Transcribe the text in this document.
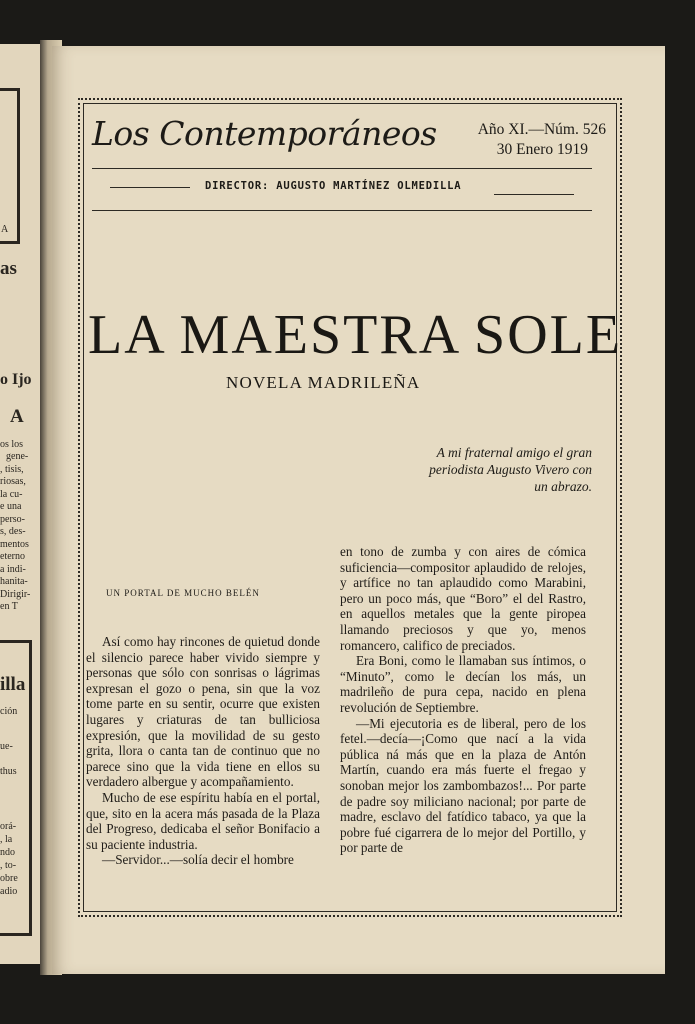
A
as
o Ijo
A
os los
gene-
, tisis,
riosas,
la cu-
e una
perso-
s, des-
mentos
eterno
a indi-
hanita-
Dirigir-
en T
illa
ción
ue-
thus
orá-
, la
ndo
, to-
obre
adio
Los Contemporáneos	Año XI.—Núm. 526
30 Enero 1919
DIRECTOR: AUGUSTO MARTÍNEZ OLMEDILLA
LA MAESTRA SOLE
NOVELA MADRILEÑA
A mi fraternal amigo el gran periodista Augusto Vivero con un abrazo.
UN PORTAL DE MUCHO BELÉN

Así como hay rincones de quietud donde el silencio parece haber vivido siempre y personas que sólo con sonrisas o lágrimas expresan el gozo o pena, sin que la voz tome parte en su sentir, ocurre que existen lugares y criaturas de tan bulliciosa expresión, que la movilidad de su gesto grita, llora o canta tan de continuo que no parece sino que la vida tiene en ellos su verdadero albergue y acompañamiento.

Mucho de ese espíritu había en el portal, que, sito en la acera más pasada de la Plaza del Progreso, dedicaba el señor Bonifacio a su paciente industria.

—Servidor...—solía decir el hombre

en tono de zumba y con aires de cómica suficiencia—compositor aplaudido de relojes, y artífice no tan aplaudido como Marabini, pero un poco más, que “Boro” el del Rastro, en aquellos metales que la gente piropea llamando preciosos y que yo, menos romancero, califico de preciados.

Era Boni, como le llamaban sus íntimos, o “Minuto”, como le decían los más, un madrileño de pura cepa, nacido en plena revolución de Septiembre.

—Mi ejecutoria es de liberal, pero de los fetel.—decía—¡Como que nací a la vida pública ná más que en la plaza de Antón Martín, cuando era más fuerte el fregao y sonoban mejor los zambombazos!... Por parte de padre soy miliciano nacional; por parte de madre, esclavo del fatídico tabaco, ya que la pobre fué cigarrera de lo mejor del Portillo, y por parte de
